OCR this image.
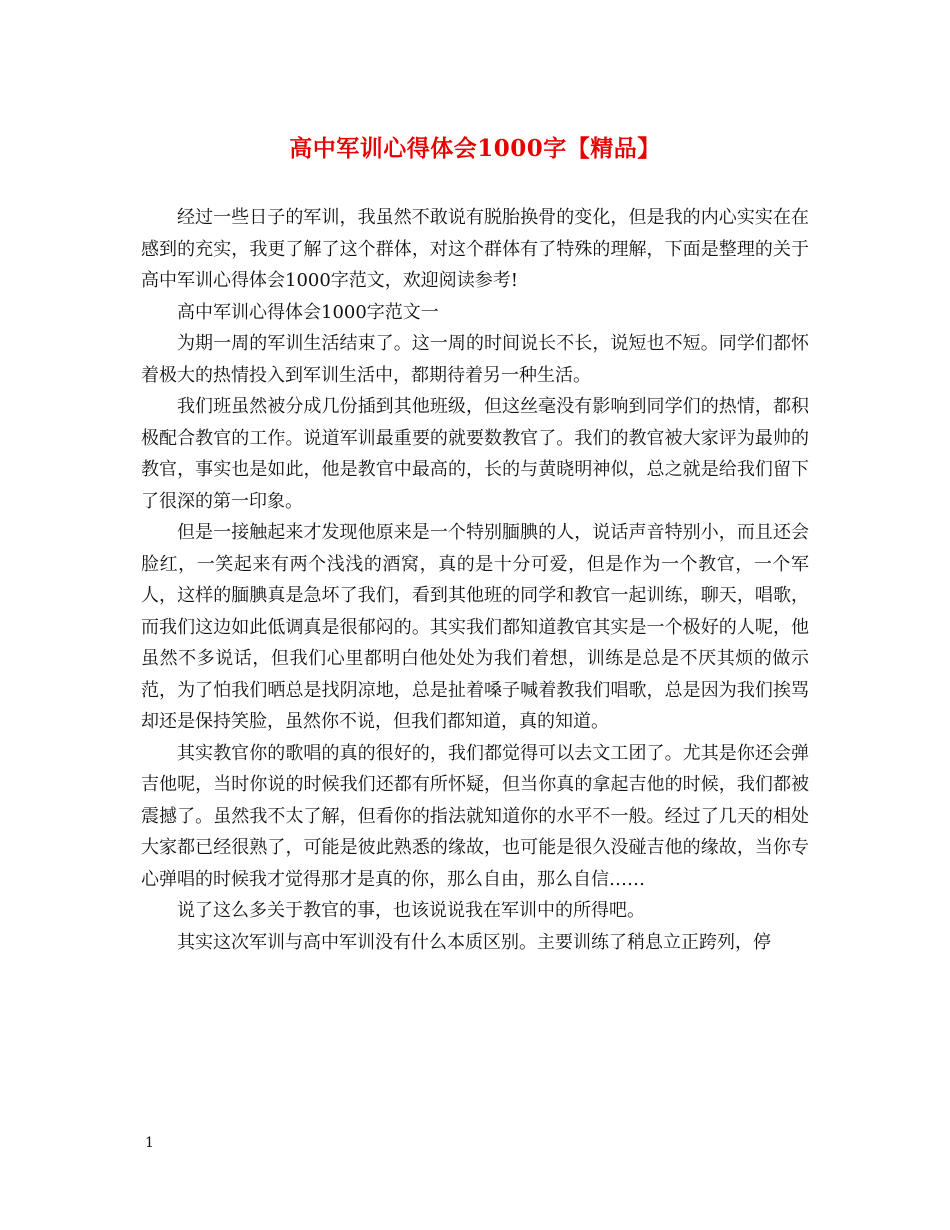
高中军训心得体会1000字【精品】

经过一些日子的军训，我虽然不敢说有脱胎换骨的变化，但是我的内心实实在在感到的充实，我更了解了这个群体，对这个群体有了特殊的理解，下面是整理的关于高中军训心得体会1000字范文，欢迎阅读参考!

高中军训心得体会1000字范文一

为期一周的军训生活结束了。这一周的时间说长不长，说短也不短。同学们都怀着极大的热情投入到军训生活中，都期待着另一种生活。

我们班虽然被分成几份插到其他班级，但这丝毫没有影响到同学们的热情，都积极配合教官的工作。说道军训最重要的就要数教官了。我们的教官被大家评为最帅的教官，事实也是如此，他是教官中最高的，长的与黄晓明神似，总之就是给我们留下了很深的第一印象。

但是一接触起来才发现他原来是一个特别腼腆的人，说话声音特别小，而且还会脸红，一笑起来有两个浅浅的酒窝，真的是十分可爱，但是作为一个教官，一个军人，这样的腼腆真是急坏了我们，看到其他班的同学和教官一起训练，聊天，唱歌，而我们这边如此低调真是很郁闷的。其实我们都知道教官其实是一个极好的人呢，他虽然不多说话，但我们心里都明白他处处为我们着想，训练是总是不厌其烦的做示范，为了怕我们晒总是找阴凉地，总是扯着嗓子喊着教我们唱歌，总是因为我们挨骂却还是保持笑脸，虽然你不说，但我们都知道，真的知道。

其实教官你的歌唱的真的很好的，我们都觉得可以去文工团了。尤其是你还会弹吉他呢，当时你说的时候我们还都有所怀疑，但当你真的拿起吉他的时候，我们都被震撼了。虽然我不太了解，但看你的指法就知道你的水平不一般。经过了几天的相处大家都已经很熟了，可能是彼此熟悉的缘故，也可能是很久没碰吉他的缘故，当你专心弹唱的时候我才觉得那才是真的你，那么自由，那么自信……

说了这么多关于教官的事，也该说说我在军训中的所得吧。

其实这次军训与高中军训没有什么本质区别。主要训练了稍息立正跨列，停

1
